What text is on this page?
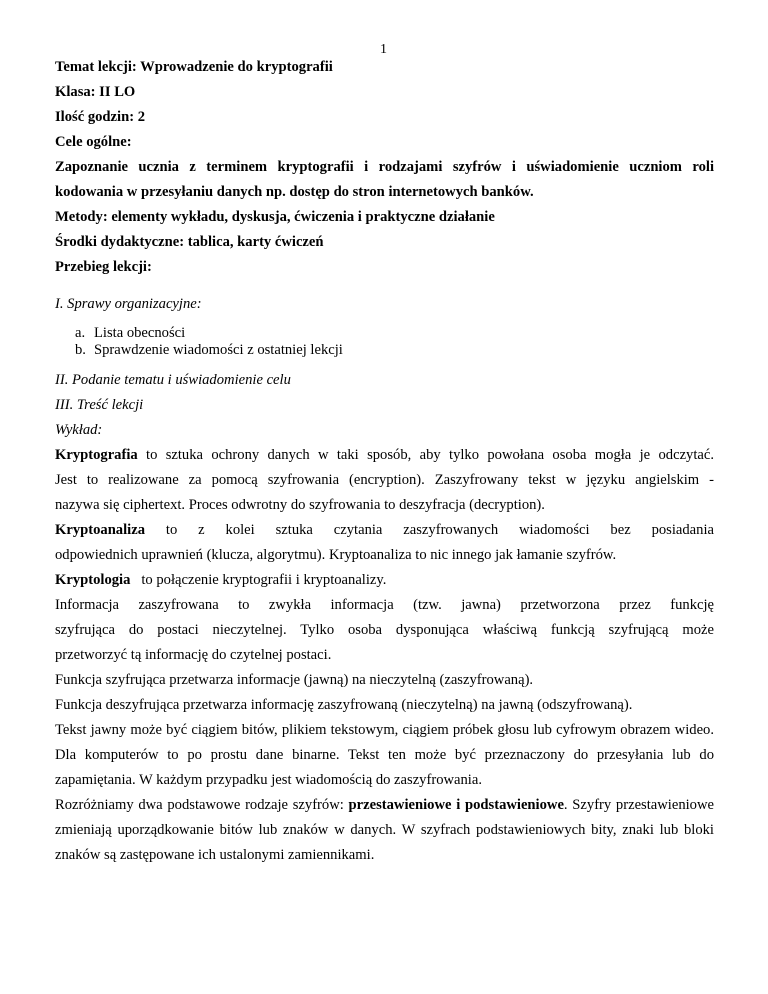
1

Temat lekcji: Wprowadzenie do kryptografii

Klasa: II LO

Ilość godzin: 2

Cele ogólne:

Zapoznanie ucznia z terminem kryptografii i rodzajami szyfrów i uświadomienie uczniom roli

kodowania w przesyłaniu danych np. dostęp do stron internetowych banków.

Metody: elementy wykładu, dyskusja, ćwiczenia i praktyczne działanie

Środki dydaktyczne: tablica, karty ćwiczeń

Przebieg lekcji:

I. Sprawy organizacyjne:

a. Lista obecności
b. Sprawdzenie wiadomości z ostatniej lekcji

II. Podanie tematu i uświadomienie celu

III. Treść lekcji

Wykład:

Kryptografia to sztuka ochrony danych w taki sposób, aby tylko powołana osoba mogła je odczytać.

Jest to realizowane za pomocą szyfrowania (encryption). Zaszyfrowany tekst w języku angielskim -

nazywa się ciphertext. Proces odwrotny do szyfrowania to deszyfracja (decryption).

Kryptoanaliza to z kolei sztuka czytania zaszyfrowanych wiadomości bez posiadania

odpowiednich uprawnień (klucza, algorytmu). Kryptoanaliza to nic innego jak łamanie szyfrów.

Kryptologia to połączenie kryptografii i kryptoanalizy.

Informacja zaszyfrowana to zwykła informacja (tzw. jawna) przetworzona przez funkcję

szyfrująca do postaci nieczytelnej. Tylko osoba dysponująca właściwą funkcją szyfrującą może

przetworzyć tą informację do czytelnej postaci.

Funkcja szyfrująca przetwarza informacje (jawną) na nieczytelną (zaszyfrowaną).

Funkcja deszyfrująca przetwarza informację zaszyfrowaną (nieczytelną) na jawną (odszyfrowaną).

Tekst jawny może być ciągiem bitów, plikiem tekstowym, ciągiem próbek głosu lub cyfrowym obrazem wideo. Dla komputerów to po prostu dane binarne. Tekst ten może być przeznaczony do przesyłania lub do zapamiętania. W każdym przypadku jest wiadomością do zaszyfrowania.

Rozróżniamy dwa podstawowe rodzaje szyfrów: przestawieniowe i podstawieniowe. Szyfry przestawieniowe zmieniają uporządkowanie bitów lub znaków w danych. W szyfrach podstawieniowych bity, znaki lub bloki znaków są zastępowane ich ustalonymi zamiennikami.
